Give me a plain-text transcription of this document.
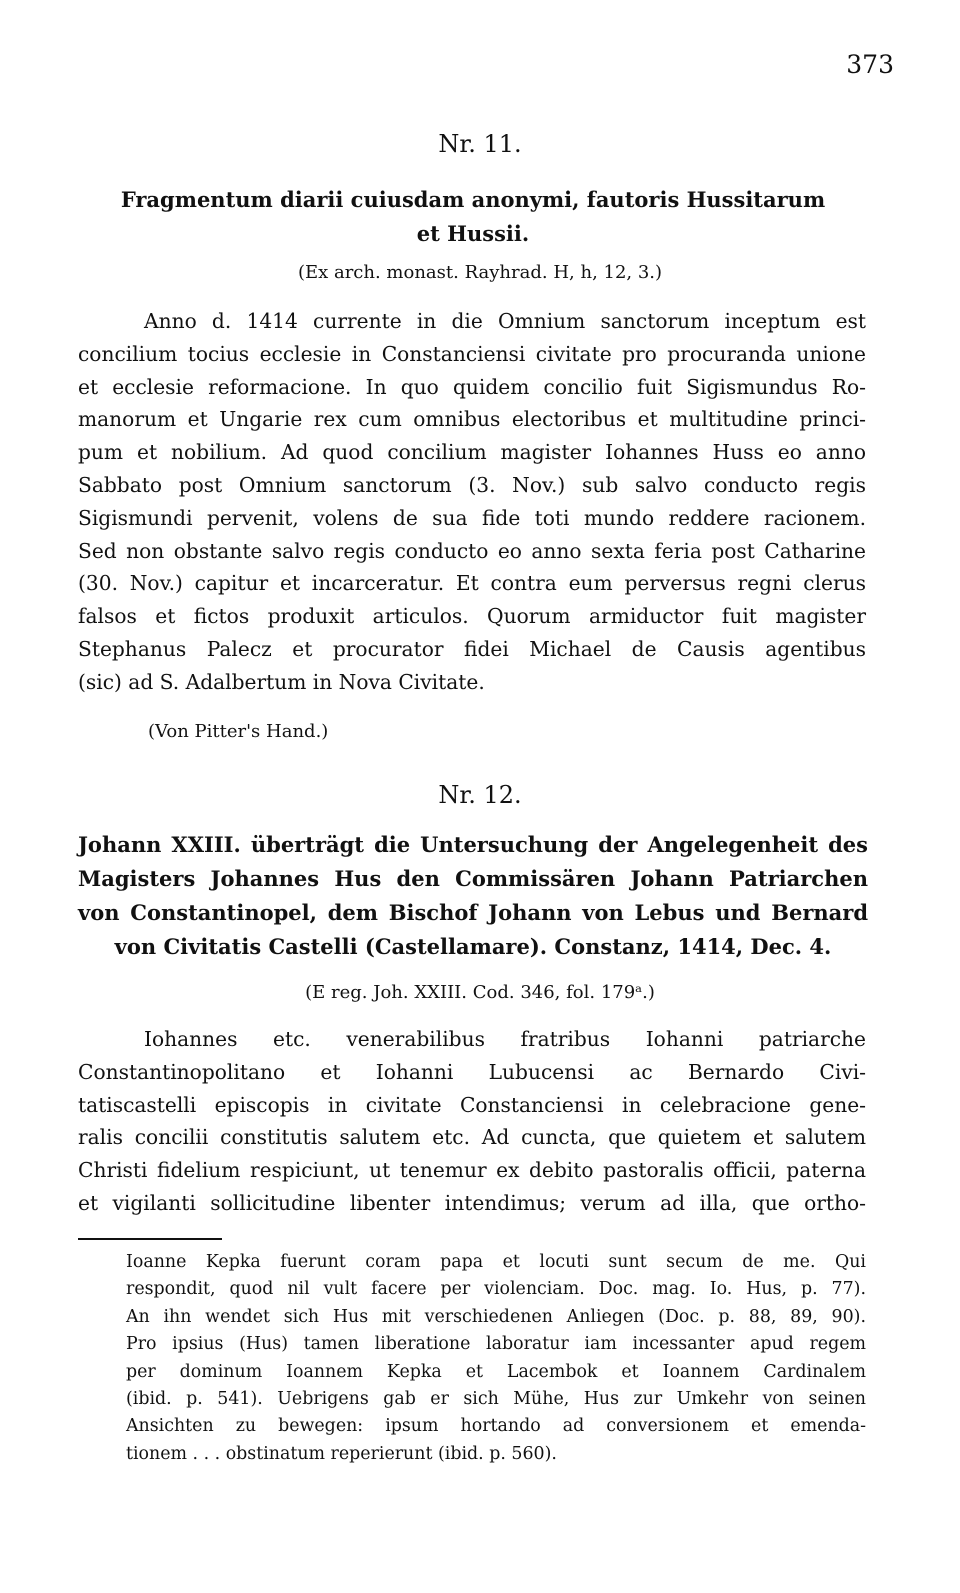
373
Nr. 11.
Fragmentum diarii cuiusdam anonymi, fautoris Hussitarum
et Hussii.
(Ex arch. monast. Rayhrad. H, h, 12, 3.)
Anno d. 1414 currente in die Omnium sanctorum inceptum est
concilium tocius ecclesie in Constanciensi civitate pro procuranda unione
et ecclesie reformacione. In quo quidem concilio fuit Sigismundus Ro-
manorum et Ungarie rex cum omnibus electoribus et multitudine princi-
pum et nobilium. Ad quod concilium magister Iohannes Huss eo anno
Sabbato post Omnium sanctorum (3. Nov.) sub salvo conducto regis
Sigismundi pervenit, volens de sua fide toti mundo reddere racionem.
Sed non obstante salvo regis conducto eo anno sexta feria post Catharine
(30. Nov.) capitur et incarceratur. Et contra eum perversus regni clerus
falsos et fictos produxit articulos. Quorum armiductor fuit magister
Stephanus Palecz et procurator fidei Michael de Causis agentibus
(sic) ad S. Adalbertum in Nova Civitate.
(Von Pitter's Hand.)
Nr. 12.
Johann XXIII. überträgt die Untersuchung der Angelegenheit des
Magisters Johannes Hus den Commissären Johann Patriarchen
von Constantinopel, dem Bischof Johann von Lebus und Bernard
von Civitatis Castelli (Castellamare). Constanz, 1414, Dec. 4.
(E reg. Joh. XXIII. Cod. 346, fol. 179ᵃ.)
Iohannes etc. venerabilibus fratribus Iohanni patriarche
Constantinopolitano et Iohanni Lubucensi ac Bernardo Civi-
tatiscastelli episcopis in civitate Constanciensi in celebracione gene-
ralis concilii constitutis salutem etc. Ad cuncta, que quietem et salutem
Christi fidelium respiciunt, ut tenemur ex debito pastoralis officii, paterna
et vigilanti sollicitudine libenter intendimus; verum ad illa, que ortho-
Ioanne Kepka fuerunt coram papa et locuti sunt secum de me. Qui
respondit, quod nil vult facere per violenciam. Doc. mag. Io. Hus, p. 77).
An ihn wendet sich Hus mit verschiedenen Anliegen (Doc. p. 88, 89, 90).
Pro ipsius (Hus) tamen liberatione laboratur iam incessanter apud regem
per dominum Ioannem Kepka et Lacembok et Ioannem Cardinalem
(ibid. p. 541). Uebrigens gab er sich Mühe, Hus zur Umkehr von seinen
Ansichten zu bewegen: ipsum hortando ad conversionem et emenda-
tionem . . . obstinatum reperierunt (ibid. p. 560).
